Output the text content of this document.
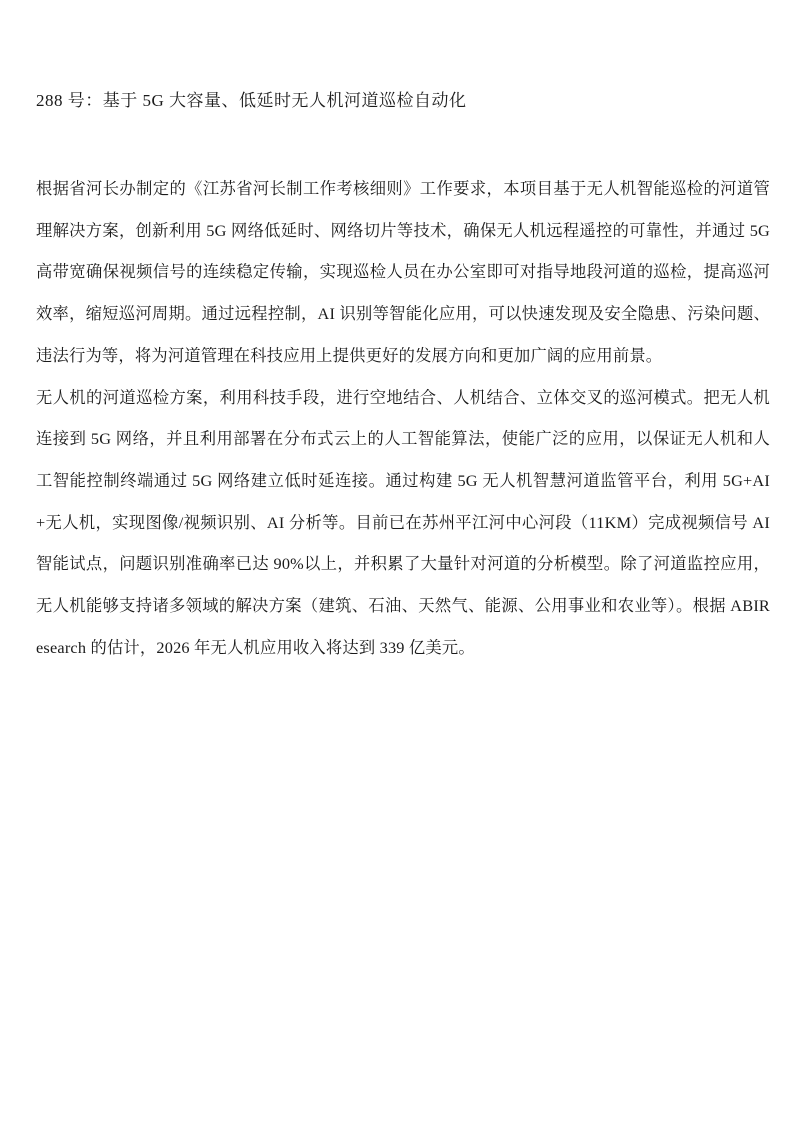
288 号：基于 5G 大容量、低延时无人机河道巡检自动化

根据省河长办制定的《江苏省河长制工作考核细则》工作要求，本项目基于无人机智能巡检的河道管理解决方案，创新利用 5G 网络低延时、网络切片等技术，确保无人机远程遥控的可靠性，并通过 5G 高带宽确保视频信号的连续稳定传输，实现巡检人员在办公室即可对指导地段河道的巡检，提高巡河效率，缩短巡河周期。通过远程控制，AI 识别等智能化应用，可以快速发现及安全隐患、污染问题、违法行为等，将为河道管理在科技应用上提供更好的发展方向和更加广阔的应用前景。

无人机的河道巡检方案，利用科技手段，进行空地结合、人机结合、立体交叉的巡河模式。把无人机连接到 5G 网络，并且利用部署在分布式云上的人工智能算法，使能广泛的应用，以保证无人机和人工智能控制终端通过 5G 网络建立低时延连接。通过构建 5G 无人机智慧河道监管平台，利用 5G+AI+无人机，实现图像/视频识别、AI 分析等。目前已在苏州平江河中心河段（11KM）完成视频信号 AI 智能试点，问题识别准确率已达 90%以上，并积累了大量针对河道的分析模型。除了河道监控应用，无人机能够支持诸多领域的解决方案（建筑、石油、天然气、能源、公用事业和农业等）。根据 ABIResearch 的估计，2026 年无人机应用收入将达到 339 亿美元。
